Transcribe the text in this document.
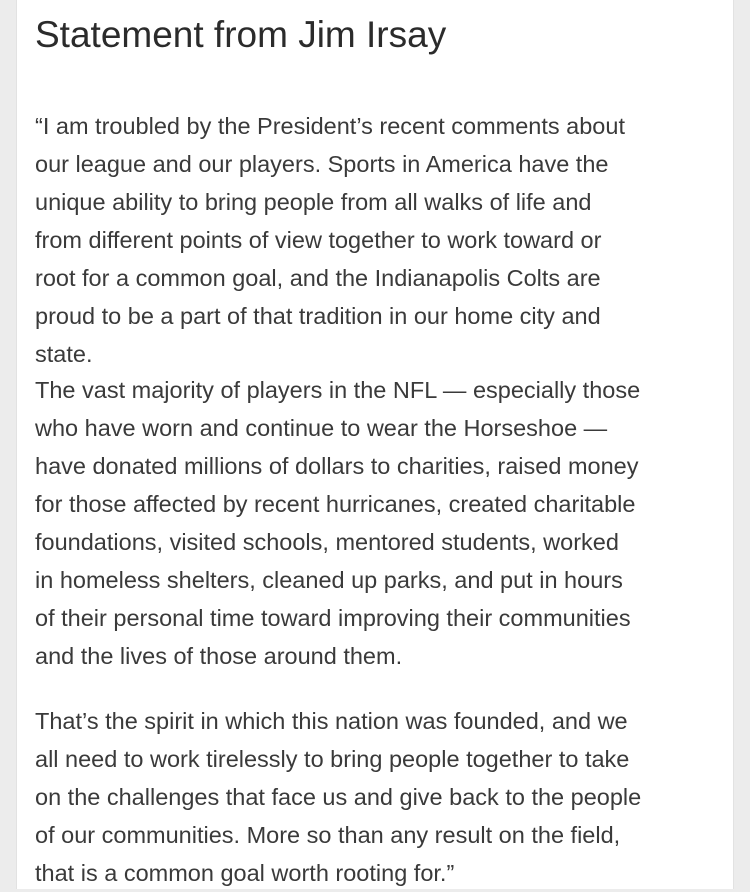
Statement from Jim Irsay

“I am troubled by the President’s recent comments about
our league and our players. Sports in America have the
unique ability to bring people from all walks of life and
from different points of view together to work toward or
root for a common goal, and the Indianapolis Colts are
proud to be a part of that tradition in our home city and
state.

The vast majority of players in the NFL — especially those
who have worn and continue to wear the Horseshoe —
have donated millions of dollars to charities, raised money
for those affected by recent hurricanes, created charitable
foundations, visited schools, mentored students, worked
in homeless shelters, cleaned up parks, and put in hours
of their personal time toward improving their communities
and the lives of those around them.

That’s the spirit in which this nation was founded, and we
all need to work tirelessly to bring people together to take
on the challenges that face us and give back to the people
of our communities. More so than any result on the field,
that is a common goal worth rooting for.”
